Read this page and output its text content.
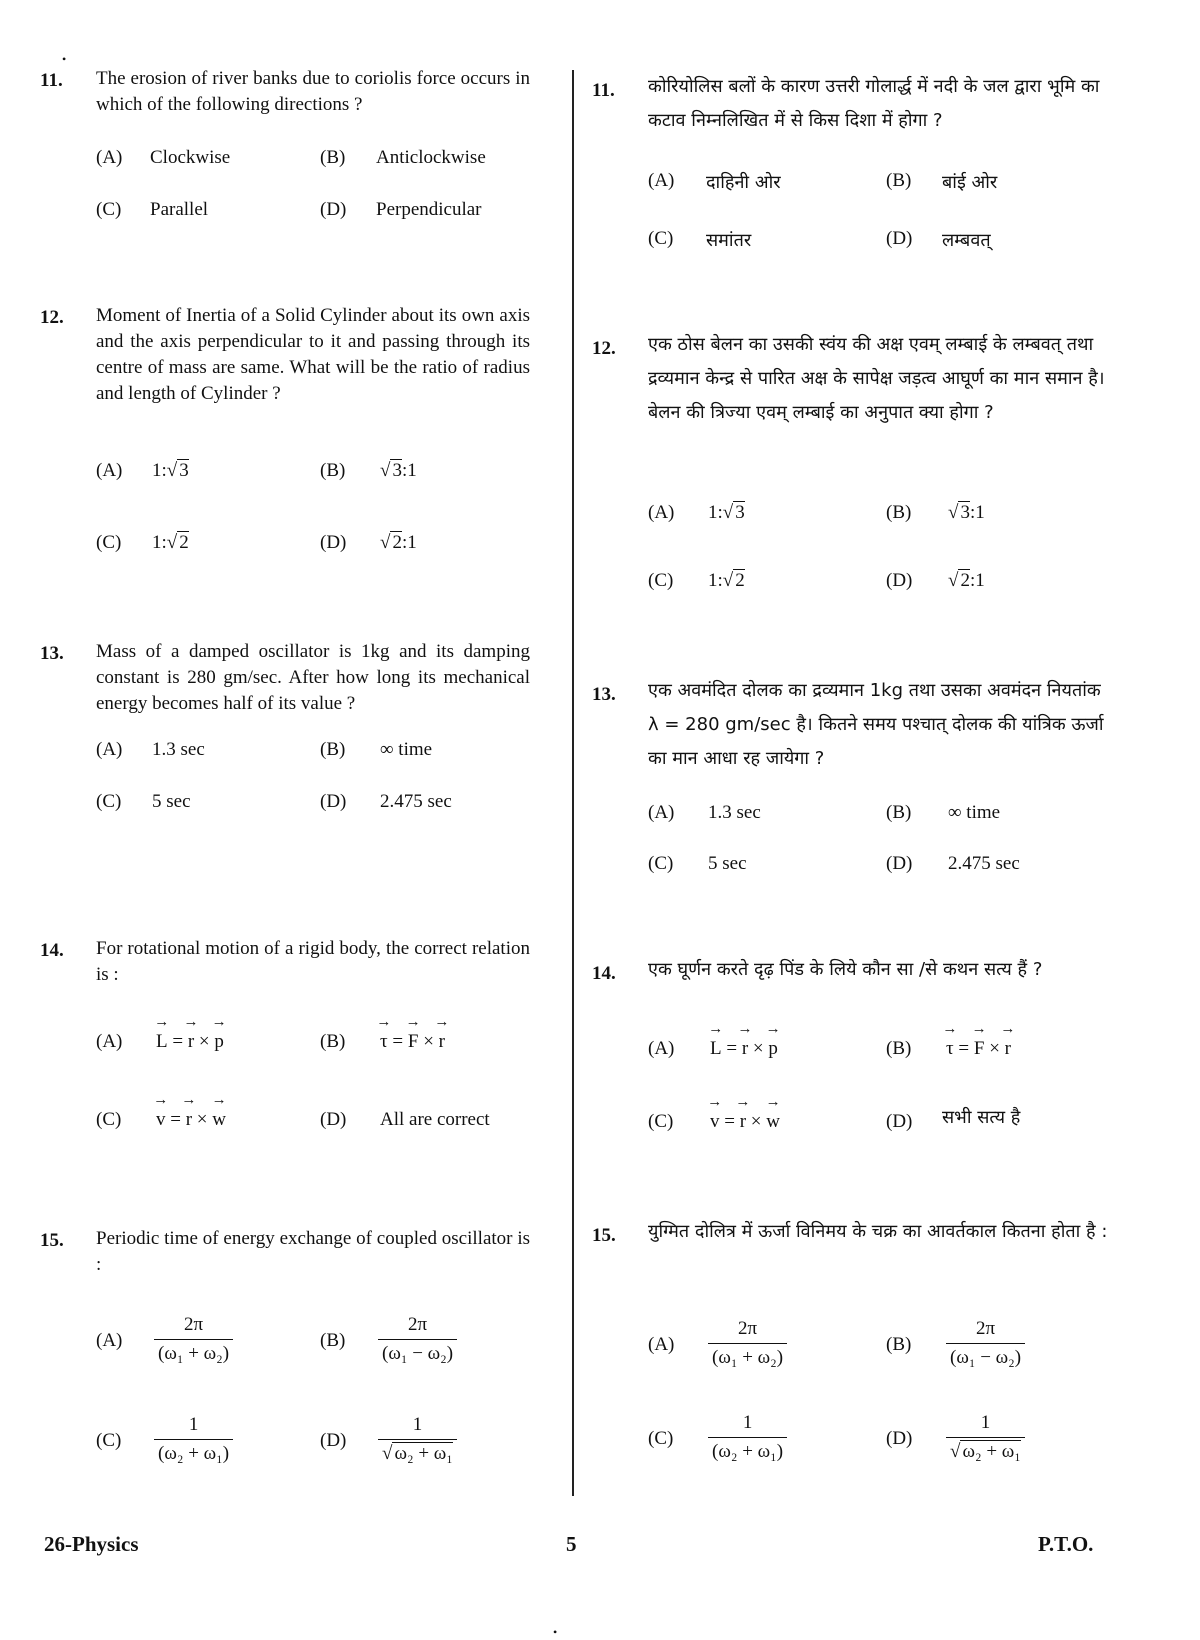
•
11. The erosion of river banks due to coriolis force occurs in which of the following directions ?
(A) Clockwise	(B) Anticlockwise
(C) Parallel	(D) Perpendicular
12. Moment of Inertia of a Solid Cylinder about its own axis and the axis perpendicular to it and passing through its centre of mass are same. What will be the ratio of radius and length of Cylinder ?
(A) 1:√ 3	(B) √ 3:1
(C) 1:√ 2	(D) √ 2:1
13. Mass of a damped oscillator is 1kg and its damping constant is 280 gm/sec. After how long its mechanical energy becomes half of its value ?
(A) 1.3 sec	(B) ∞ time
(C) 5 sec	(D) 2.475 sec
14. For rotational motion of a rigid body, the correct relation is :
(A) → L = → r × → p	(B) → τ = → F × → r
(C) → v = → r × → w	(D) All are correct
15. Periodic time of energy exchange of coupled oscillator is :
$(A) \frac{2\pi}{\text{(ω₁ + ω₂)}}$	$(B) \frac{2\pi}{\text{(ω₁ − ω₂)}}$
$(C) \frac{1}{\text{(ω₂ + ω₁)}}$	$(D) \frac{1}{\text{√ ω₂ + ω₁}}$
11. कोरियोलिस बलों के कारण उत्तरी गोलार्द्ध में नदी के जल द्वारा भूमि का कटाव निम्नलिखित में से किस दिशा में होगा ?
(A) दाहिनी ओर	(B) बांई ओर
(C) समांतर	(D) लम्बवत्
12. एक ठोस बेलन का उसकी स्वंय की अक्ष एवम् लम्बाई के लम्बवत् तथा द्रव्यमान केन्द्र से पारित अक्ष के सापेक्ष जड़त्व आघूर्ण का मान समान है। बेलन की त्रिज्या एवम् लम्बाई का अनुपात क्या होगा ?
(A) 1:√ 3	(B) √ 3:1
(C) 1:√ 2	(D) √ 2:1
13. एक अवमंदित दोलक का द्रव्यमान 1kg तथा उसका अवमंदन नियतांक λ = 280 gm/sec है। कितने समय पश्चात् दोलक की यांत्रिक ऊर्जा का मान आधा रह जायेगा ?
(A) 1.3 sec	(B) ∞ time
(C) 5 sec	(D) 2.475 sec
14. एक घूर्णन करते दृढ़ पिंड के लिये कौन सा /से कथन सत्य हैं ?
(A) → L = → r × → p	(B) → τ = → F × → r
(C) → v = → r × → w	(D) सभी सत्य है
15. युग्मित दोलित्र में ऊर्जा विनिमय के चक्र का आवर्तकाल कितना होता है :
$(A) \frac{2\pi}{\text{(ω₁ + ω₂)}}$	$(B) \frac{2\pi}{\text{(ω₁ − ω₂)}}$
$(C) \frac{1}{\text{(ω₂ + ω₁)}}$	$(D) \frac{1}{\text{√ ω₂ + ω₁}}$
26-Physics	5	P.T.O.
•
